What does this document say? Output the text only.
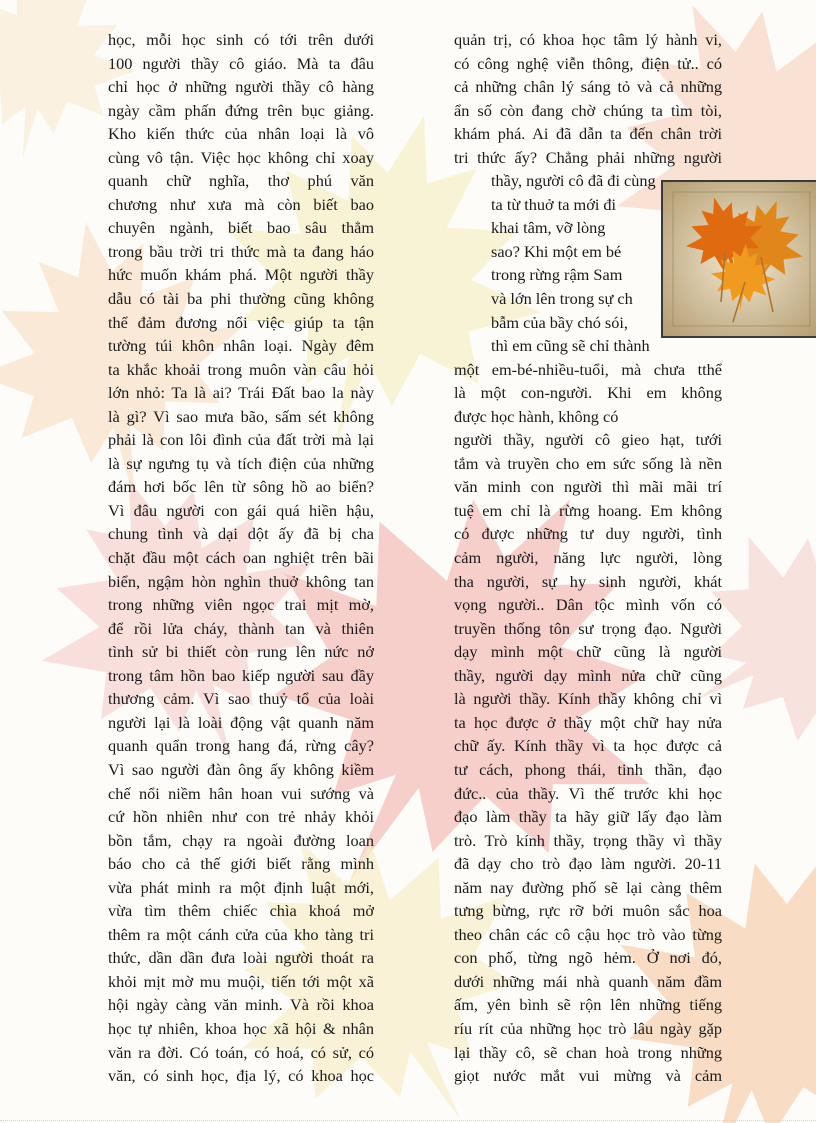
học, mỗi học sinh có tới trên dưới
100 người thầy cô giáo. Mà ta đâu
chỉ học ở những người thầy cô hàng
ngày cầm phấn đứng trên bục giảng.
Kho kiến thức của nhân loại là vô
cùng vô tận. Việc học không chỉ xoay
quanh chữ nghĩa, thơ phú văn
chương như xưa mà còn biết bao
chuyên ngành, biết bao sâu thẳm
trong bầu trời tri thức mà ta đang háo
hức muốn khám phá. Một người thầy
dẫu có tài ba phi thường cũng không
thể đảm đương nổi việc giúp ta tận
tường túi khôn nhân loại. Ngày đêm
ta khắc khoải trong muôn vàn câu hỏi
lớn nhỏ: Ta là ai? Trái Đất bao la này
là gì? Vì sao mưa bão, sấm sét không
phải là con lôi đình của đất trời mà lại
là sự ngưng tụ và tích điện của những
đám hơi bốc lên từ sông hồ ao biển?
Vì đâu người con gái quá hiền hậu,
chung tình và dại dột ấy đã bị cha
chặt đầu một cách oan nghiệt trên bãi
biển, ngậm hòn nghìn thuở không tan
trong những viên ngọc trai mịt mờ,
để rồi lửa cháy, thành tan và thiên
tình sử bi thiết còn rung lên nức nở
trong tâm hồn bao kiếp người sau đầy
thương cảm. Vì sao thuỷ tổ của loài
người lại là loài động vật quanh năm
quanh quẩn trong hang đá, rừng cây?
Vì sao người đàn ông ấy không kiềm
chế nổi niềm hân hoan vui sướng và
cứ hồn nhiên như con trẻ nhảy khỏi
bồn tắm, chạy ra ngoài đường loan
báo cho cả thế giới biết rằng mình
vừa phát minh ra một định luật mới,
vừa tìm thêm chiếc chìa khoá mở
thêm ra một cánh cửa của kho tàng tri
thức, dần dần đưa loài người thoát ra
khỏi mịt mờ mu muội, tiến tới một xã
hội ngày càng văn minh. Và rồi khoa
học tự nhiên, khoa học xã hội & nhân
văn ra đời. Có toán, có hoá, có sử, có
văn, có sinh học, địa lý, có khoa học
quản trị, có khoa học tâm lý hành vi,
có công nghệ viễn thông, điện tử.. có
cả những chân lý sáng tỏ và cả những
ẩn số còn đang chờ chúng ta tìm tòi,
khám phá. Ai đã dẫn ta đến chân trời
tri thức ấy? Chẳng phải những người
thầy, người cô đã đi cùng
ta từ thuở ta mới đi
khai tâm, vỡ lòng
sao? Khi một em bé
trong rừng rậm Sam
và lớn lên trong sự ch
bẫm của bầy chó sói,
thì em cũng sẽ chỉ thành
một em-bé-nhiều-tuổi, mà chưa tthể
là một con-người. Khi em không
được học hành, không có
người thầy, người cô gieo hạt, tưới
tắm và truyền cho em sức sống là nền
văn minh con người thì mãi mãi trí
tuệ em chỉ là rừng hoang. Em không
có được những tư duy người, tình
cảm người, năng lực người, lòng
tha người, sự hy sinh người, khát
vọng người.. Dân tộc mình vốn có
truyền thống tôn sư trọng đạo. Người
dạy mình một chữ cũng là người
thầy, người dạy mình nửa chữ cũng
là người thầy. Kính thầy không chỉ vì
ta học được ở thầy một chữ hay nửa
chữ ấy. Kính thầy vì ta học được cả
tư cách, phong thái, tinh thần, đạo
đức.. của thầy. Vì thế trước khi học
đạo làm thầy ta hãy giữ lấy đạo làm
trò. Trò kính thầy, trọng thầy vì thầy
đã dạy cho trò đạo làm người. 20-11
năm nay đường phố sẽ lại càng thêm
tưng bừng, rực rỡ bởi muôn sắc hoa
theo chân các cô cậu học trò vào từng
con phố, từng ngõ hẻm. Ở nơi đó,
dưới những mái nhà quanh năm đầm
ấm, yên bình sẽ rộn lên những tiếng
ríu rít của những học trò lâu ngày gặp
lại thầy cô, sẽ chan hoà trong những
giọt nước mắt vui mừng và cảm
